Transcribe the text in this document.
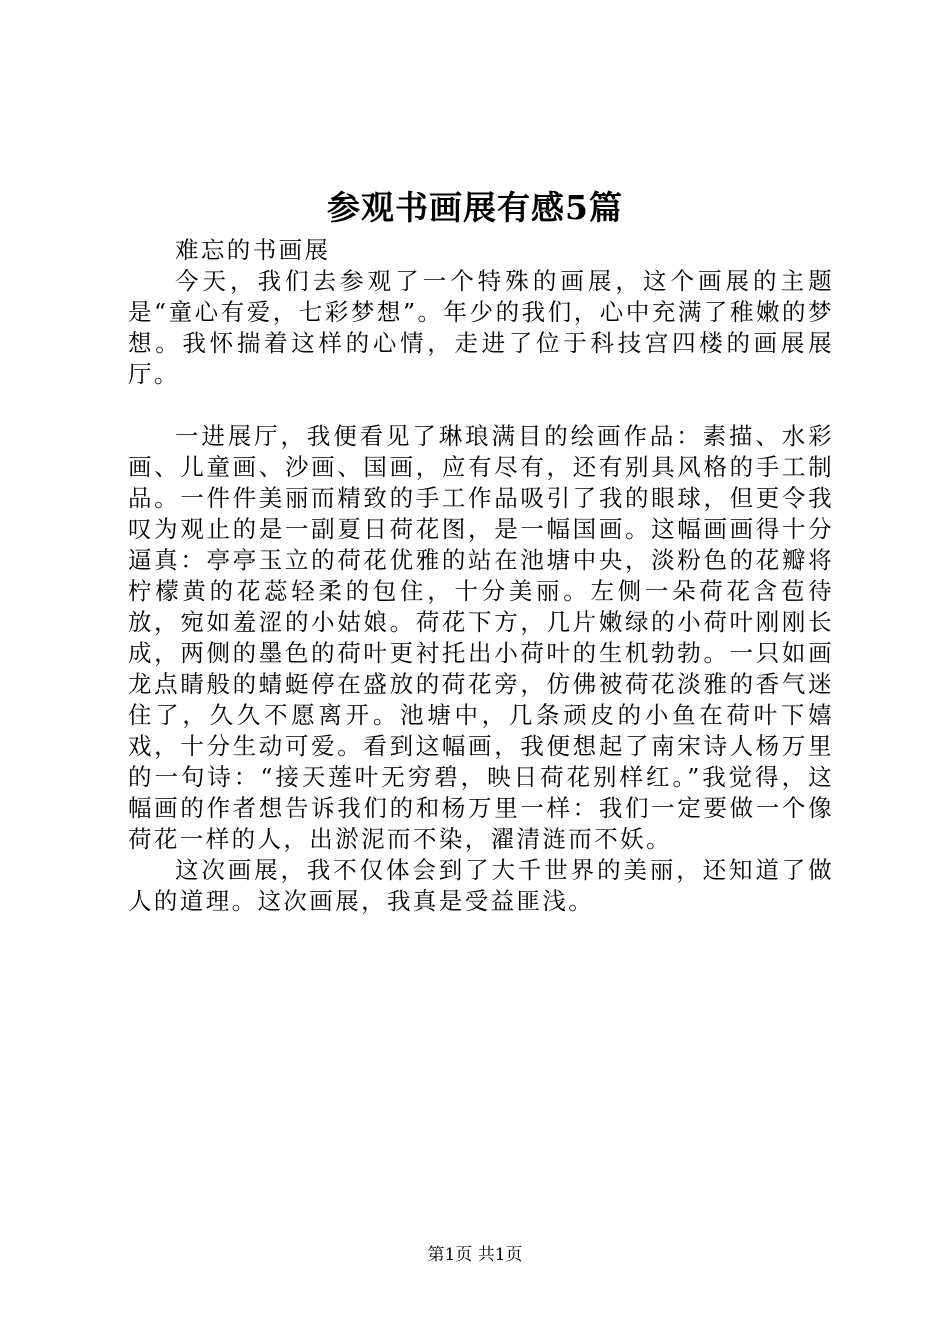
参观书画展有感5篇

难忘的书画展

今天，我们去参观了一个特殊的画展，这个画展的主题是“童心有爱，七彩梦想”。年少的我们，心中充满了稚嫩的梦想。我怀揣着这样的心情，走进了位于科技宫四楼的画展展厅。

一进展厅，我便看见了琳琅满目的绘画作品：素描、水彩画、儿童画、沙画、国画，应有尽有，还有别具风格的手工制品。一件件美丽而精致的手工作品吸引了我的眼球，但更令我叹为观止的是一副夏日荷花图，是一幅国画。这幅画画得十分逼真：亭亭玉立的荷花优雅的站在池塘中央，淡粉色的花瓣将柠檬黄的花蕊轻柔的包住，十分美丽。左侧一朵荷花含苞待放，宛如羞涩的小姑娘。荷花下方，几片嫩绿的小荷叶刚刚长成，两侧的墨色的荷叶更衬托出小荷叶的生机勃勃。一只如画龙点睛般的蜻蜓停在盛放的荷花旁，仿佛被荷花淡雅的香气迷住了，久久不愿离开。池塘中，几条顽皮的小鱼在荷叶下嬉戏，十分生动可爱。看到这幅画，我便想起了南宋诗人杨万里的一句诗：“接天莲叶无穷碧，映日荷花别样红。”我觉得，这幅画的作者想告诉我们的和杨万里一样：我们一定要做一个像荷花一样的人，出淤泥而不染，濯清涟而不妖。

这次画展，我不仅体会到了大千世界的美丽，还知道了做人的道理。这次画展，我真是受益匪浅。

第1页 共1页
